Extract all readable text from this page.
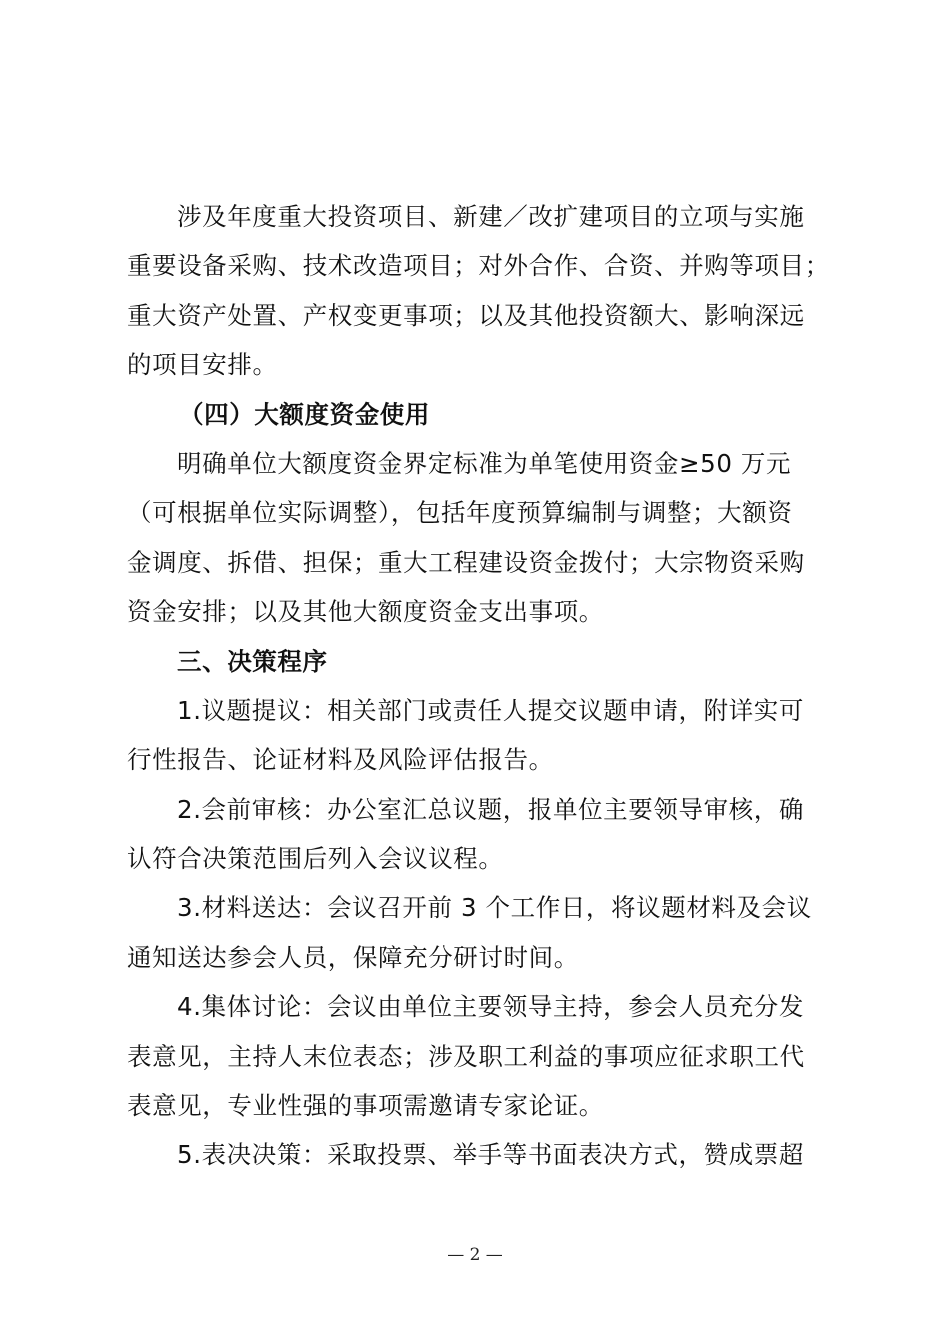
涉及年度重大投资项目、新建／改扩建项目的立项与实施
重要设备采购、技术改造项目；对外合作、合资、并购等项目；
重大资产处置、产权变更事项；以及其他投资额大、影响深远
的项目安排。
（四）大额度资金使用
明确单位大额度资金界定标准为单笔使用资金≥50 万元
（可根据单位实际调整），包括年度预算编制与调整；大额资
金调度、拆借、担保；重大工程建设资金拨付；大宗物资采购
资金安排；以及其他大额度资金支出事项。
三、决策程序
1.议题提议：相关部门或责任人提交议题申请，附详实可
行性报告、论证材料及风险评估报告。
2.会前审核：办公室汇总议题，报单位主要领导审核，确
认符合决策范围后列入会议议程。
3.材料送达：会议召开前 3 个工作日，将议题材料及会议
通知送达参会人员，保障充分研讨时间。
4.集体讨论：会议由单位主要领导主持，参会人员充分发
表意见，主持人末位表态；涉及职工利益的事项应征求职工代
表意见，专业性强的事项需邀请专家论证。
5.表决决策：采取投票、举手等书面表决方式，赞成票超
— 2 —
